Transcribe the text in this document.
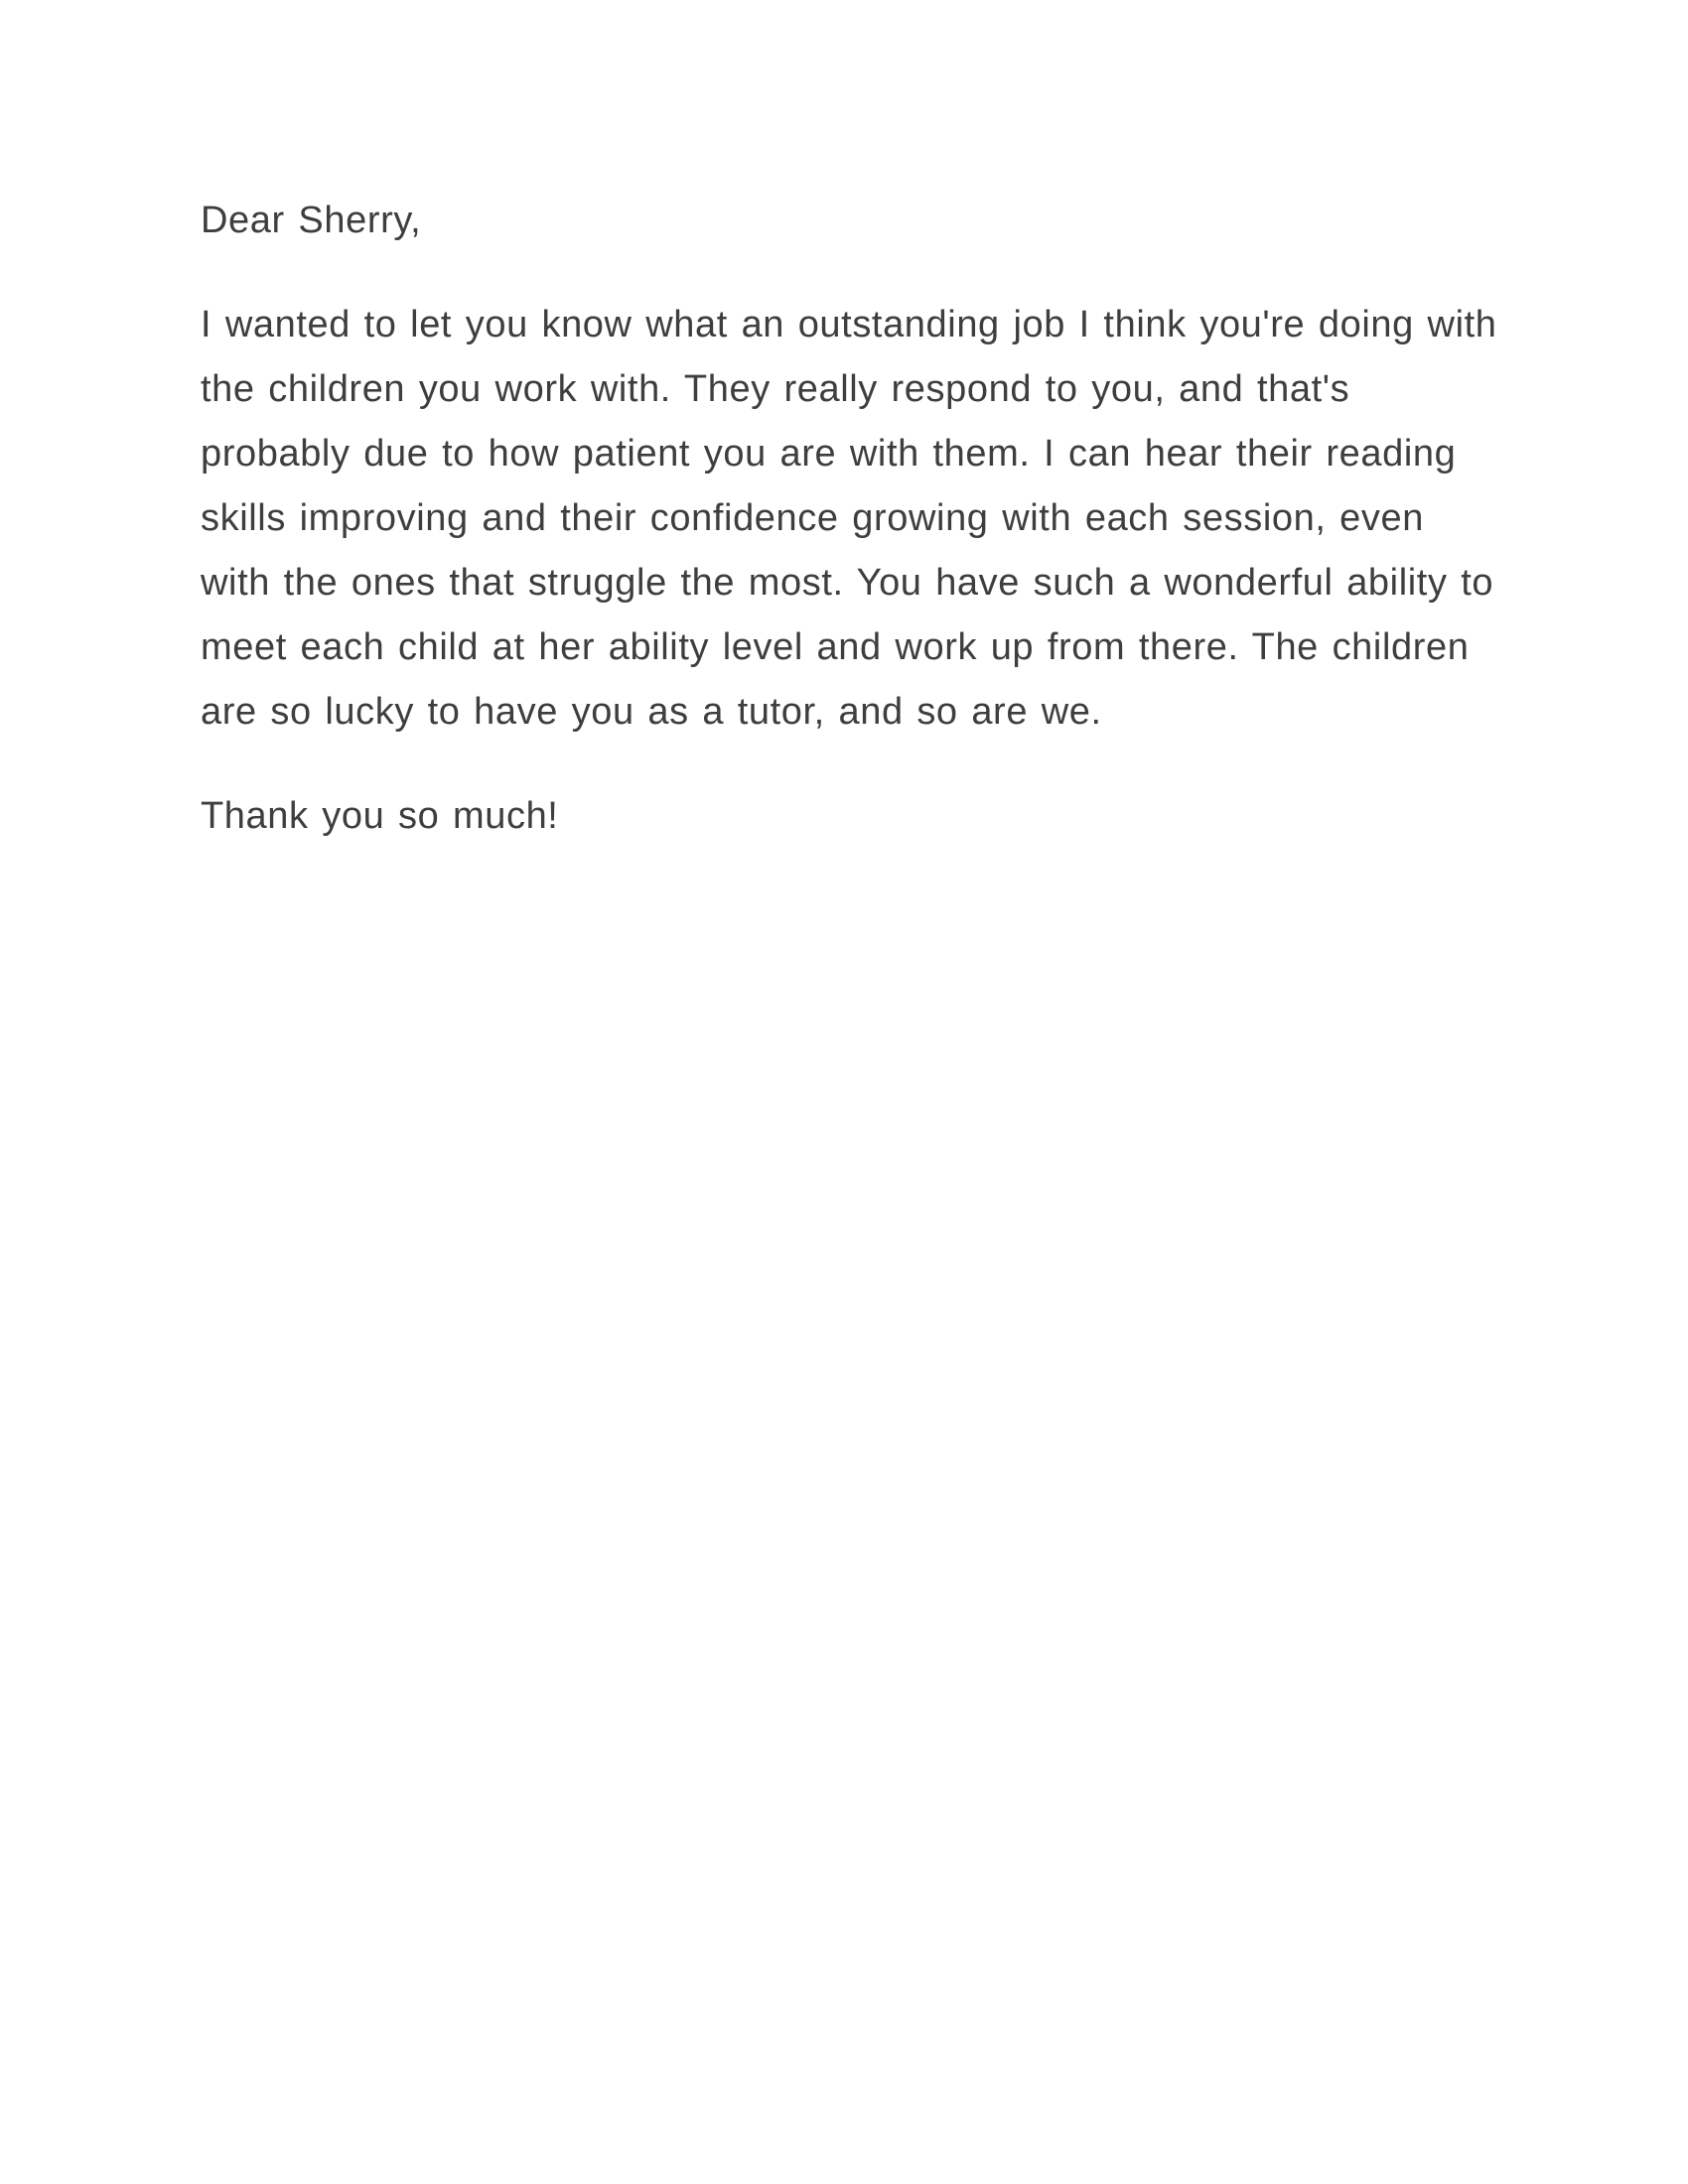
Dear Sherry,

I wanted to let you know what an outstanding job I think you're doing with the children you work with. They really respond to you, and that's probably due to how patient you are with them. I can hear their reading skills improving and their confidence growing with each session, even with the ones that struggle the most. You have such a wonderful ability to meet each child at her ability level and work up from there. The children are so lucky to have you as a tutor, and so are we.

Thank you so much!
